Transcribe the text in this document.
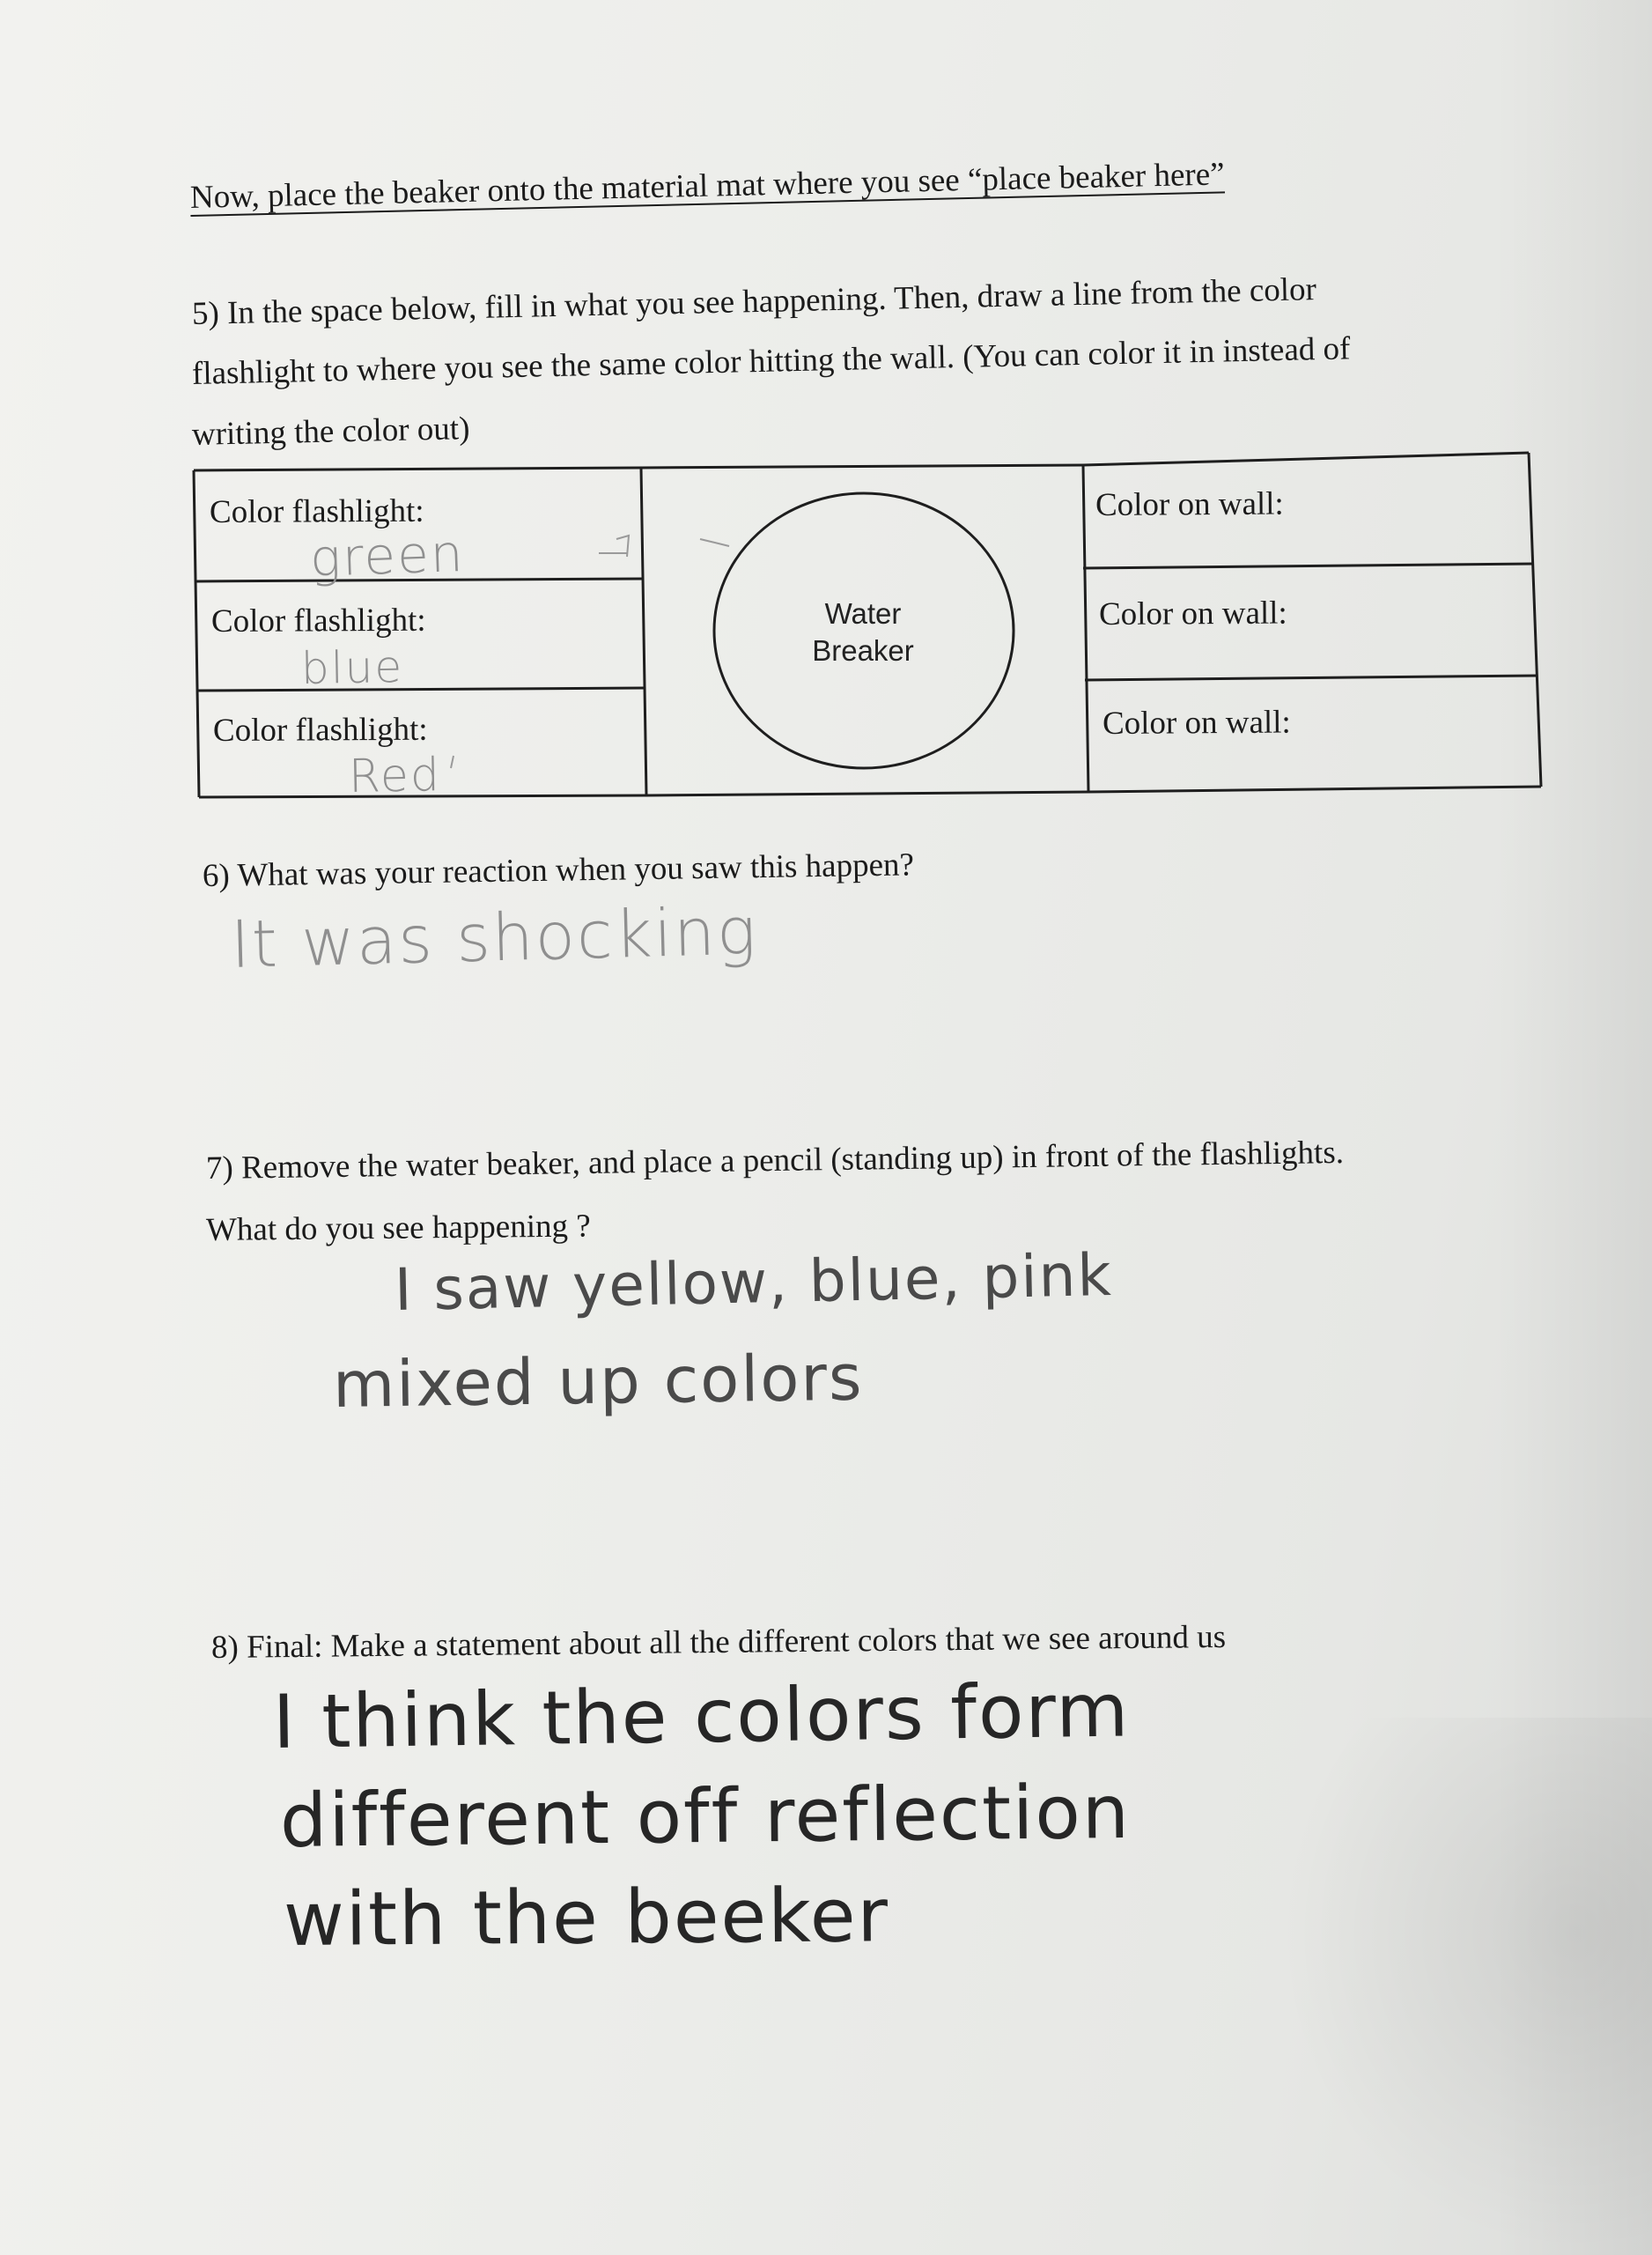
Now, place the beaker onto the material mat where you see “place beaker here”
5) In the space below, fill in what you see happening. Then, draw a line from the color
flashlight to where you see the same color hitting the wall. (You can color it in instead of
writing the color out)
Color flashlight:
Color flashlight:
Color flashlight:
green
blue
Red
Water
Breaker
Color on wall:
Color on wall:
Color on wall:
6) What was your reaction when you saw this happen?
It was shocking
7) Remove the water beaker, and place a pencil (standing up) in front of the flashlights.
What do you see happening ?
I saw yellow, blue, pink
mixed up colors
8) Final: Make a statement about all the different colors that we see around us
I think the colors form
different off reflection
with the beeker
